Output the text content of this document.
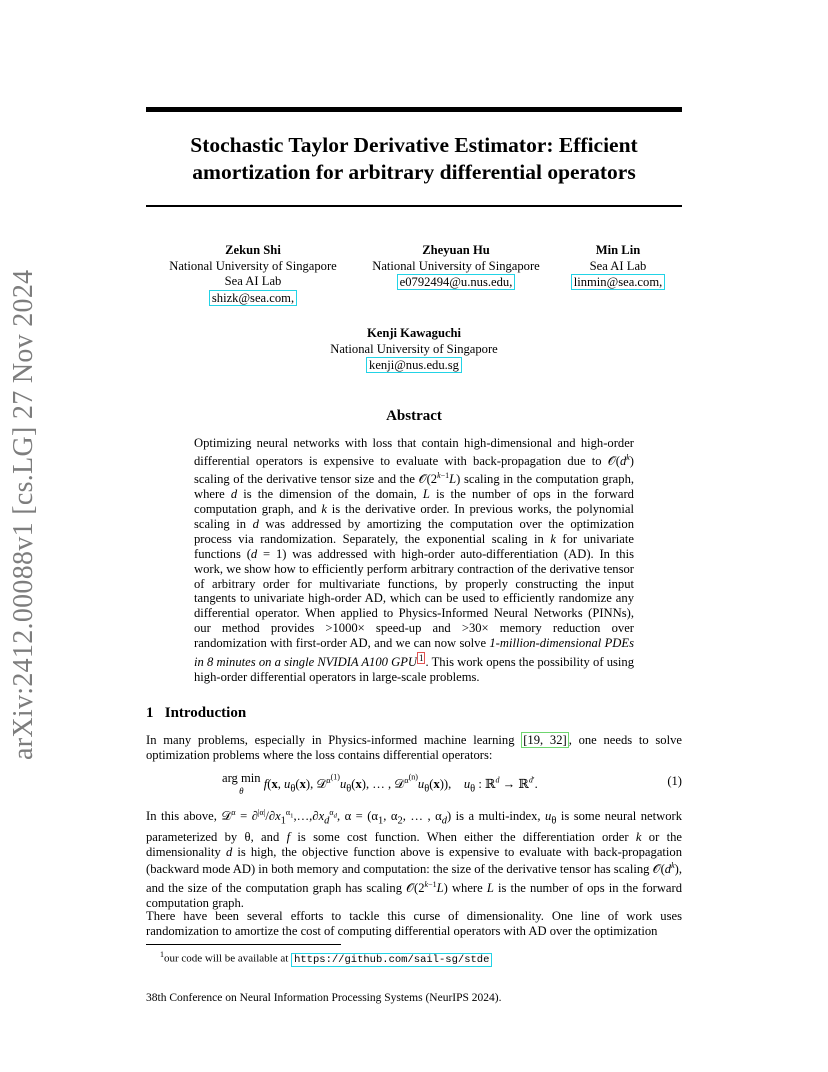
arXiv:2412.00088v1 [cs.LG] 27 Nov 2024
Stochastic Taylor Derivative Estimator: Efficient
amortization for arbitrary differential operators
Zekun Shi
National University of Singapore
Sea AI Lab
shizk@sea.com,
Zheyuan Hu
National University of Singapore
e0792494@u.nus.edu,
Min Lin
Sea AI Lab
linmin@sea.com,
Kenji Kawaguchi
National University of Singapore
kenji@nus.edu.sg
Abstract
Optimizing neural networks with loss that contain high-dimensional and high-order differential operators is expensive to evaluate with back-propagation due to $𝒪(d^k)$ scaling of the derivative tensor size and the $𝒪(2^{k-1}L)$ scaling in the computation graph, where d is the dimension of the domain, L is the number of ops in the forward computation graph, and k is the derivative order. In previous works, the polynomial scaling in d was addressed by amortizing the computation over the optimization process via randomization. Separately, the exponential scaling in k for univariate functions (d = 1) was addressed with high-order auto-differentiation (AD). In this work, we show how to efficiently perform arbitrary contraction of the derivative tensor of arbitrary order for multivariate functions, by properly constructing the input tangents to univariate high-order AD, which can be used to efficiently randomize any differential operator. When applied to Physics-Informed Neural Networks (PINNs), our method provides >1000× speed-up and >30× memory reduction over randomization with first-order AD, and we can now solve 1-million-dimensional PDEs in 8 minutes on a single NVIDIA A100 GPU $^1$ . This work opens the possibility of using high-order differential operators in large-scale problems.
1 Introduction
In many problems, especially in Physics-informed machine learning [19, 32] , one needs to solve optimization problems where the loss contains differential operators:
arg min
θ
f(x, $u_\theta(x)$, $𝒟^{\alpha^{(1)}}u_\theta(x)$, … , $𝒟^{\alpha^{(n)}}u_\theta(x)$),    $u_\theta$ : ℝ$^d$ → ℝ$^{d'}$.	(1)
In this above, 𝒟$^\alpha$ = $\partial^{|\alpha|}/\partial x_1^{\alpha_1},\dots,\partial x_d^{\alpha_d}$, $\alpha = (\alpha_1$, $\alpha_2$, … , $\alpha_d$) is a multi-index, $u_\theta$ is some neural network parameterized by θ, and f is some cost function. When either the differentiation order k or the dimensionality d is high, the objective function above is expensive to evaluate with back-propagation (backward mode AD) in both memory and computation: the size of the derivative tensor has scaling $𝒪(d^k)$, and the size of the computation graph has scaling $𝒪(2^{k-1}L)$ where L is the number of ops in the forward computation graph.
There have been several efforts to tackle this curse of dimensionality. One line of work uses randomization to amortize the cost of computing differential operators with AD over the optimization
$^1$our code will be available at https://github.com/sail-sg/stde
38th Conference on Neural Information Processing Systems (NeurIPS 2024).
